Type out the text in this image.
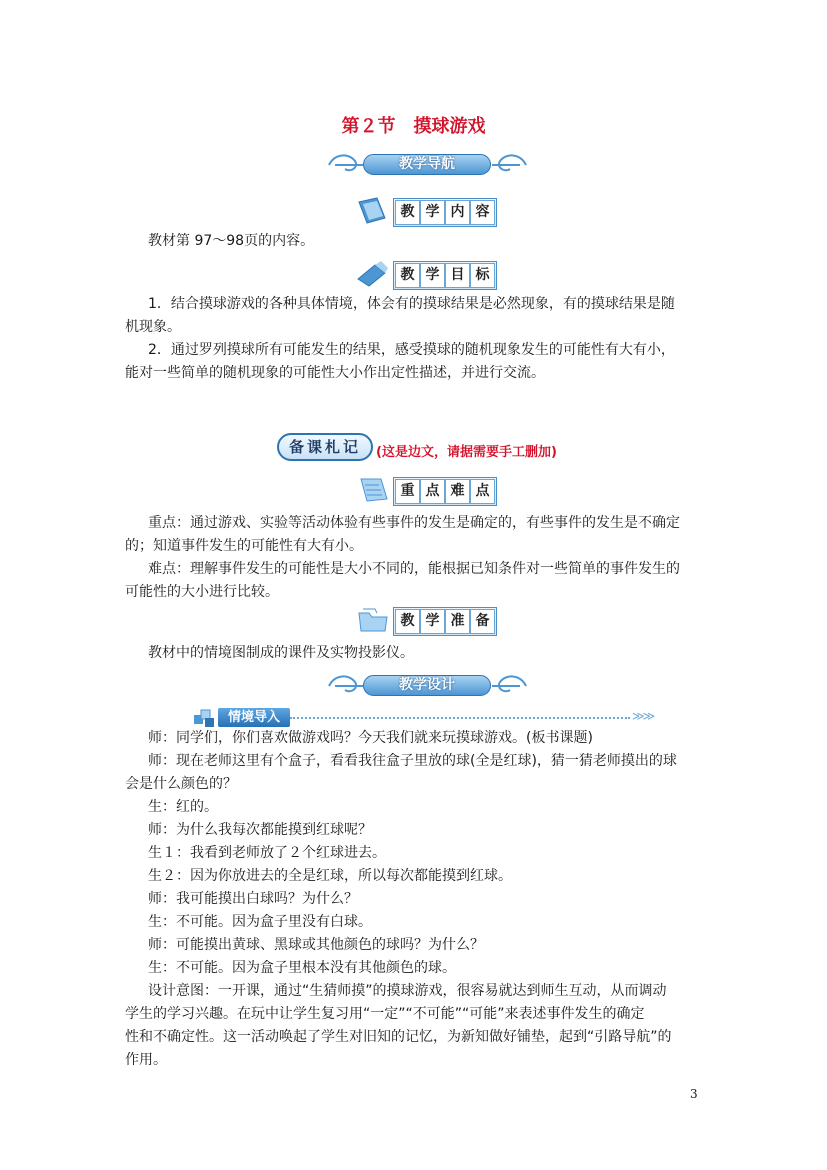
第２节　摸球游戏
教学导航
教 学 内 容

教材第 97～98页的内容。

教 学 目 标

1．结合摸球游戏的各种具体情境，体会有的摸球结果是必然现象，有的摸球结果是随
机现象。
2．通过罗列摸球所有可能发生的结果，感受摸球的随机现象发生的可能性有大有小，
能对一些简单的随机现象的可能性大小作出定性描述，并进行交流。

备课札记	(这是边文，请据需要手工删加)
重 点 难 点

重点：通过游戏、实验等活动体验有些事件的发生是确定的，有些事件的发生是不确定
的；知道事件发生的可能性有大有小。
难点：理解事件发生的可能性是大小不同的，能根据已知条件对一些简单的事件发生的
可能性的大小进行比较。

教 学 准 备

教材中的情境图制成的课件及实物投影仪。

教学设计
情境导入	≫≫

师：同学们，你们喜欢做游戏吗？今天我们就来玩摸球游戏。(板书课题)
师：现在老师这里有个盒子，看看我往盒子里放的球(全是红球)，猜一猜老师摸出的球
会是什么颜色的？
生：红的。
师：为什么我每次都能摸到红球呢？
生１：我看到老师放了２个红球进去。
生２：因为你放进去的全是红球，所以每次都能摸到红球。
师：我可能摸出白球吗？为什么？
生：不可能。因为盒子里没有白球。
师：可能摸出黄球、黑球或其他颜色的球吗？为什么？
生：不可能。因为盒子里根本没有其他颜色的球。
设计意图：一开课，通过“生猜师摸”的摸球游戏，很容易就达到师生互动，从而调动
学生的学习兴趣。在玩中让学生复习用“一定”“不可能”“可能”来表述事件发生的确定
性和不确定性。这一活动唤起了学生对旧知的记忆，为新知做好铺垫，起到“引路导航”的
作用。

3
